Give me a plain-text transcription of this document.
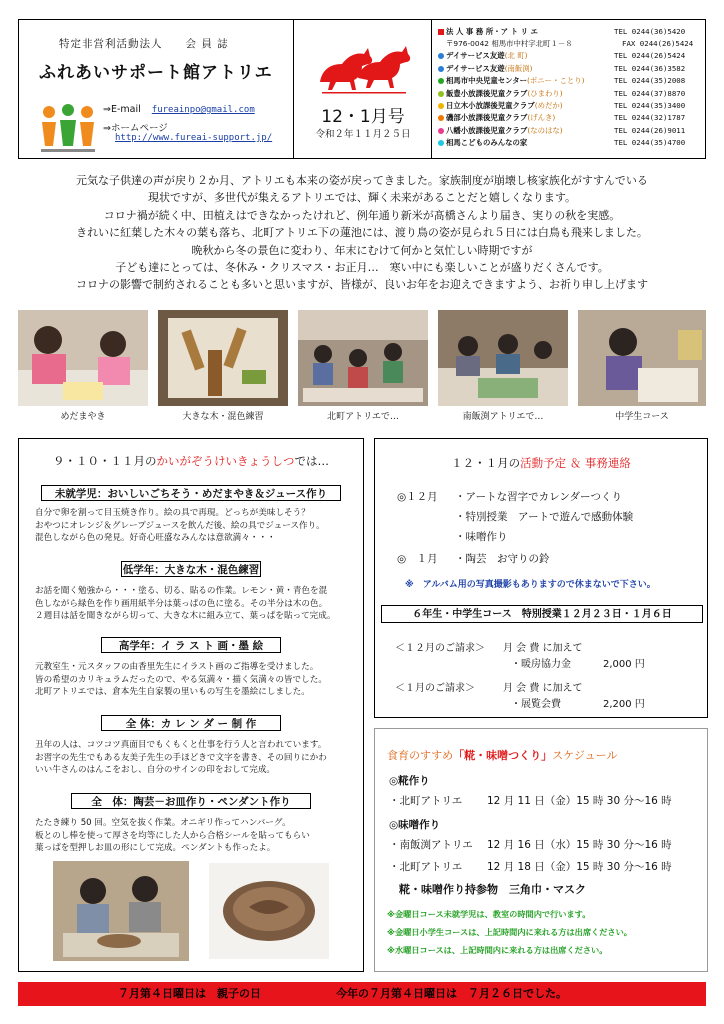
特定非営利活動法人　　会 員 誌
ふれあいサポート館アトリエ
⇒E-mail fureainpo@gmail.com
⇒ホームページ
http://www.fureai-support.jp/
12・1月号
令和２年１１月２５日
法 人 事 務 所・ア ト リ エ	TEL 0244(36)5420
〒976-0042 相馬市中村字北町１－８	FAX 0244(26)5424
デイサービス友遊(北 町)	TEL 0244(26)5424
デイサービス友遊(南飯渕)	TEL 0244(36)3582
相馬市中央児童センター(ポニー・ことり)	TEL 0244(35)2008
飯豊小放課後児童クラブ(ひまわり)	TEL 0244(37)8870
日立木小放課後児童クラブ(めだか)	TEL 0244(35)3400
磯部小放課後児童クラブ(げんき)	TEL 0244(32)1787
八幡小放課後児童クラブ(なのはな)	TEL 0244(26)9011
相馬こどものみんなの家	TEL 0244(35)4700
元気な子供達の声が戻り２か月、アトリエも本来の姿が戻ってきました。家族制度が崩壊し核家族化がすすんでいる
現状ですが、多世代が集えるアトリエでは、輝く未来があることだと嬉しくなります。
コロナ禍が続く中、田植えはできなかったけれど、例年通り新米が髙橋さんより届き、実りの秋を実感。
きれいに紅葉した木々の葉も落ち、北町アトリエ下の蓮池には、渡り鳥の姿が見られ５日には白鳥も飛来しました。
晩秋から冬の景色に変わり、年末にむけて何かと気忙しい時期ですが
子ども達にとっては、冬休み・クリスマス・お正月…　寒い中にも楽しいことが盛りだくさんです。
コロナの影響で制約されることも多いと思いますが、皆様が、良いお年をお迎えできますよう、お祈り申し上げます
めだまやき	大きな木・混色練習	北町アトリエで…	南飯渕アトリエで…	中学生コース
９・１０・１１月のかいがぞうけいきょうしつでは…
未就学児：おいしいごちそう・めだまやき＆ジュース作り
自分で卵を割って目玉焼き作り。絵の具で再現。どっちが美味しそう？
おやつにオレンジ＆グレープジュースを飲んだ後、絵の具でジュース作り。
混色しながら色の発見。好奇心旺盛なみんなは意欲満々・・・
低学年：大きな木・混色練習
お話を聞く勉強から・・・塗る、切る、貼るの作業。レモン・黄・青色を混
色しながら緑色を作り画用紙半分は葉っぱの色に塗る。その半分は木の色。
２週目は話を聞きながら切って、大きな木に組み立て、葉っぱを貼って完成。
高学年：イ ラ ス ト 画・墨 絵
元教室生・元スタッフの由香里先生にイラスト画のご指導を受けました。
皆の希望のカリキュラムだったので、やる気満々・描く気満々の皆でした。
北町アトリエでは、倉本先生自家製の里いもの写生を墨絵にしました。
全 体：カ レ ン ダ ー 制 作
丑年の人は、コツコツ真面目でもくもくと仕事を行う人と言われています。
お習字の先生でもある友美子先生の手ほどきで文字を書き、その回りにかわ
いい牛さんのはんこをおし、自分のサインの印をおして完成。
全　体：陶芸－お皿作り・ペンダント作り
たたき練り 50 回。空気を抜く作業。オニギリ作ってハンバーグ。
板とのし棒を使って厚さを均等にした人から合格シールを貼ってもらい
葉っぱを型押しお皿の形にして完成。ペンダントも作ったよ。
１２・１月の活動予定 ＆ 事務連絡
◎１２月 ・アートな習字でカレンダーつくり
・特別授業　アートで遊んで感動体験
・味噌作り
◎　１月 ・陶芸　お守りの鈴
※　アルバム用の写真撮影もありますので休まないで下さい。
６年生・中学生コース　特別授業１２月２３日・１月６日
＜１２月のご請求＞ 月 会 費 に加えて
・暖房協力金	2,000 円
＜１月のご請求＞	月 会 費 に加えて
・展覧会費	2,200 円
食育のすすめ「糀・味噌つくり」スケジュール
◎糀作り
・北町アトリエ 12 月 11 日（金）15 時 30 分～16 時
◎味噌作り
・南飯渕アトリエ 12 月 16 日（水）15 時 30 分～16 時
・北町アトリエ 12 月 18 日（金）15 時 30 分～16 時
糀・味噌作り持参物　三角巾・マスク
※金曜日コース未就学児は、教室の時間内で行います。
※金曜日小学生コースは、上記時間内に来れる方は出席ください。
※水曜日コースは、上記時間内に来れる方は出席ください。
７月第４日曜日は　親子の日	今年の７月第４日曜日は　７月２６日でした。
